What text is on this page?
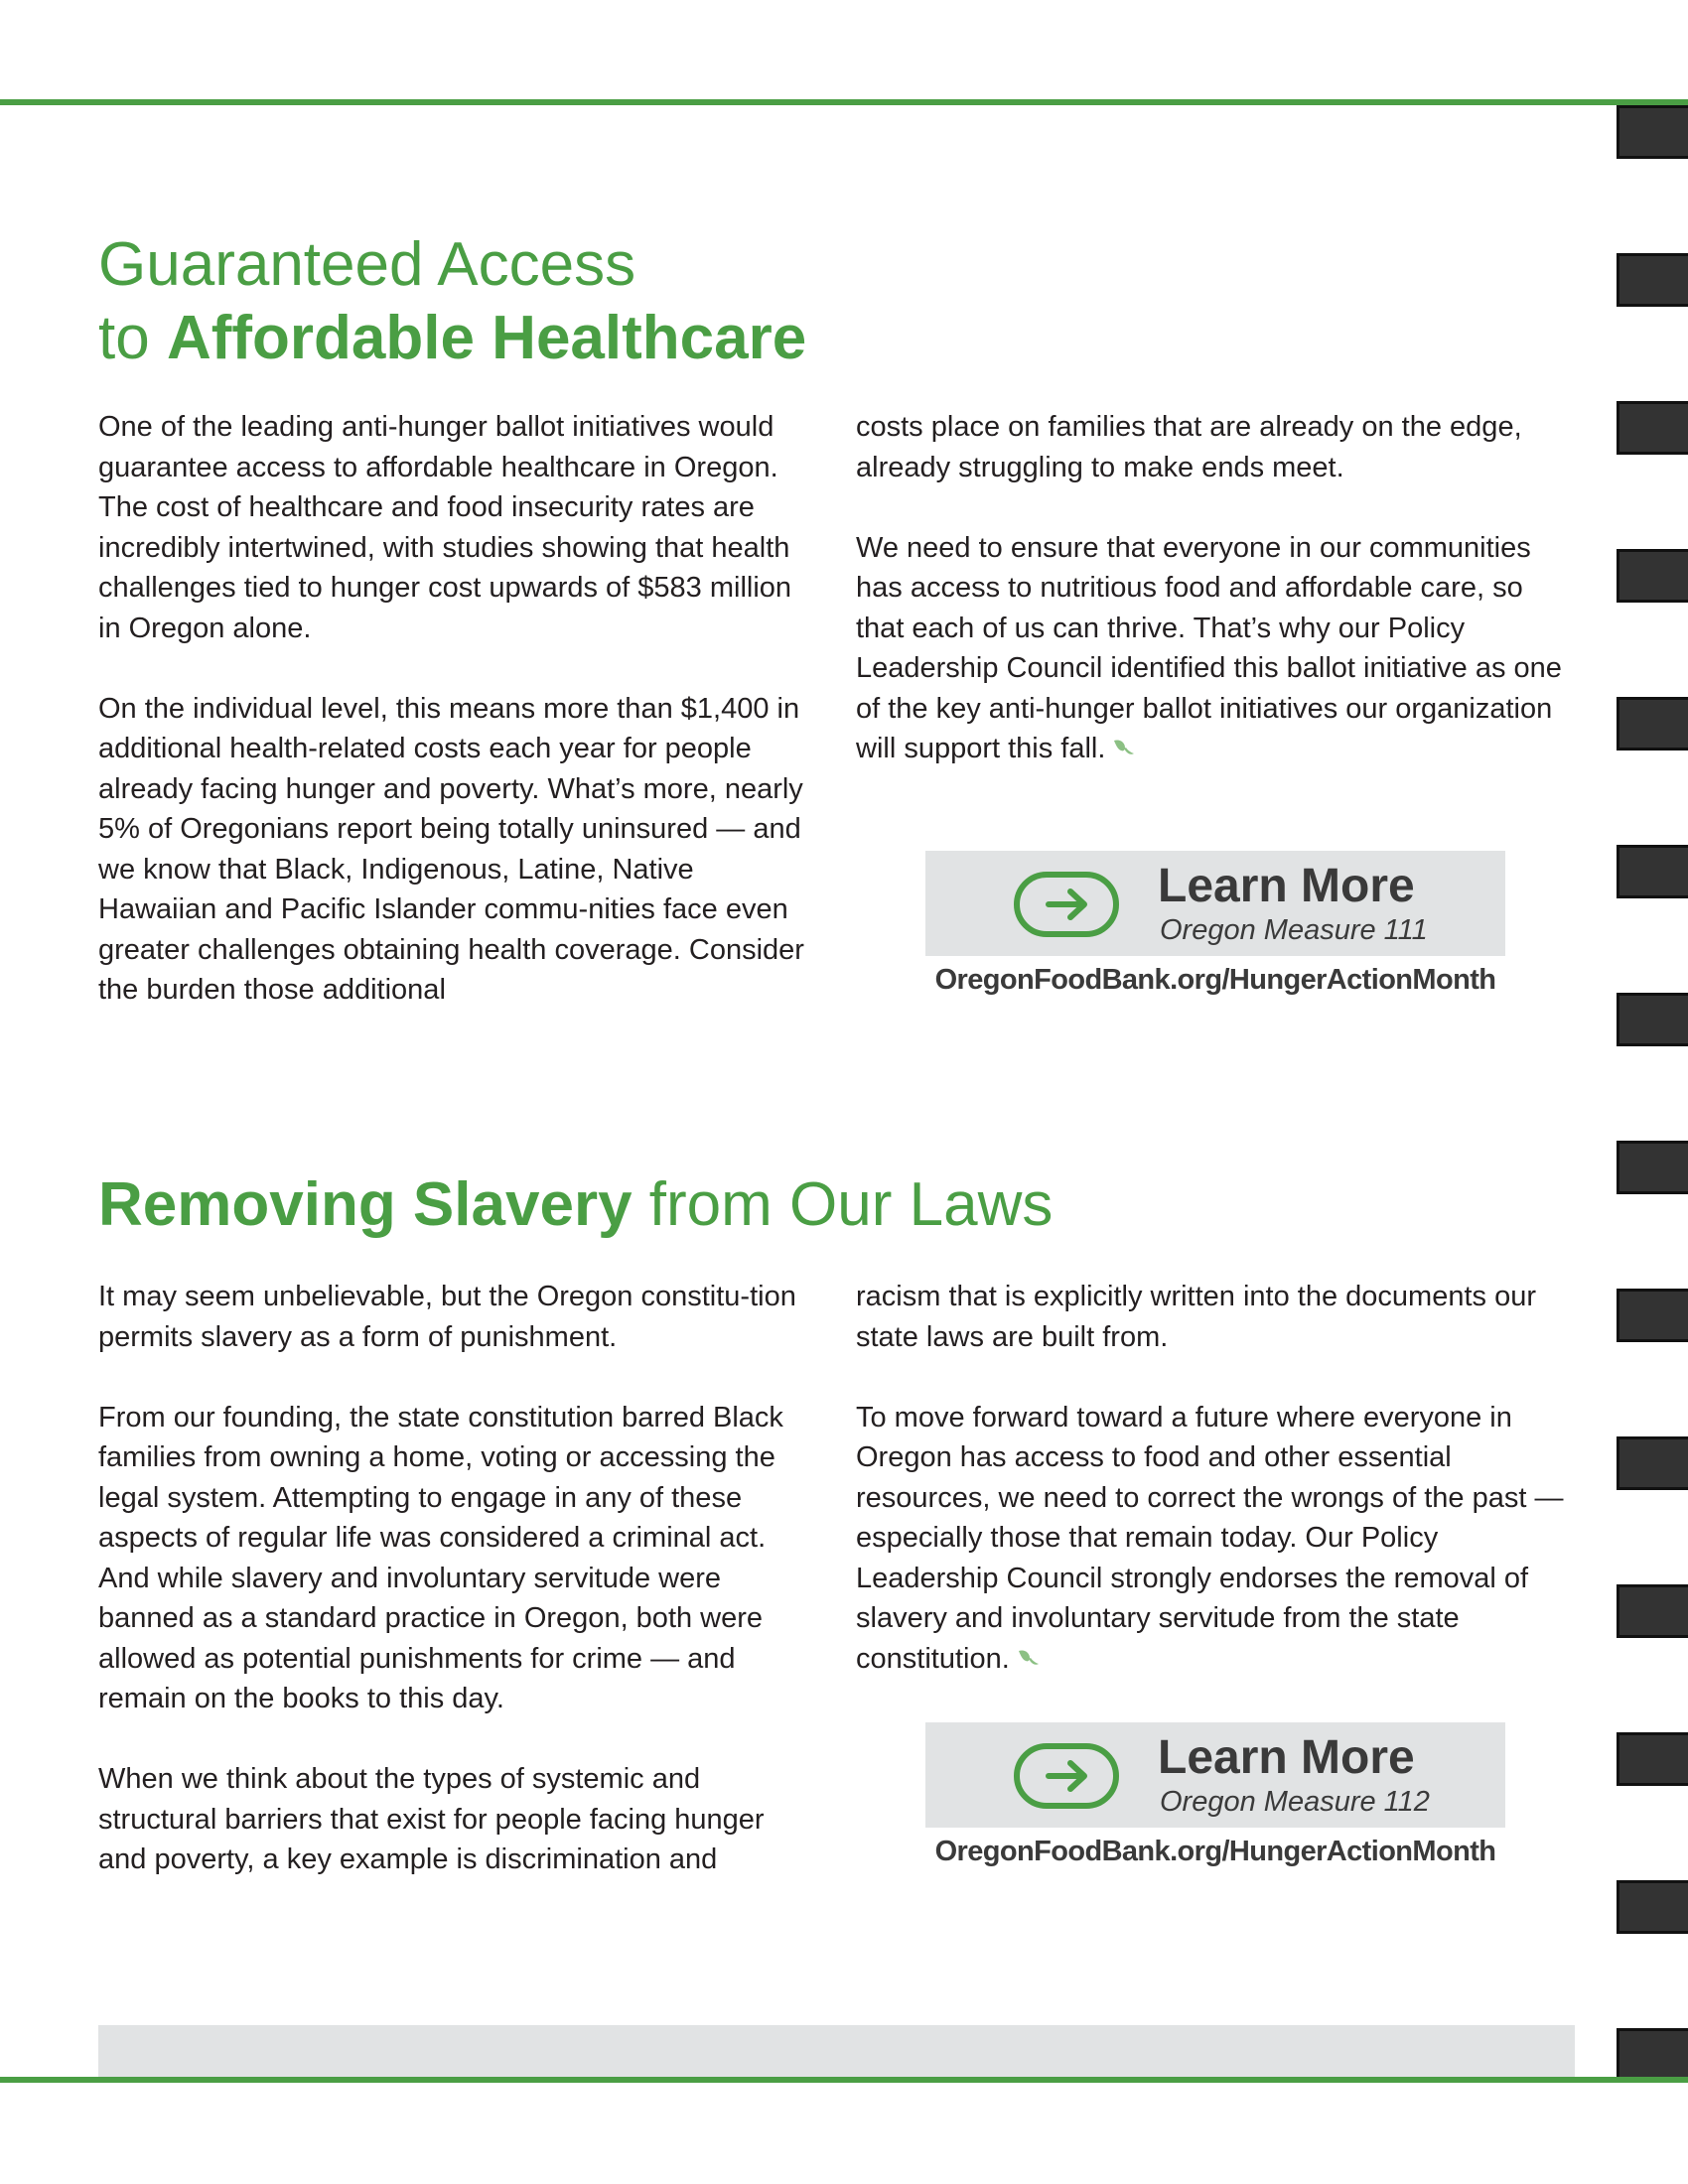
Guaranteed Access
to Affordable Healthcare

One of the leading anti-hunger ballot initiatives would guarantee access to affordable healthcare in Oregon. The cost of healthcare and food insecurity rates are incredibly intertwined, with studies showing that health challenges tied to hunger cost upwards of $583 million in Oregon alone.

On the individual level, this means more than $1,400 in additional health-related costs each year for people already facing hunger and poverty. What’s more, nearly 5% of Oregonians report being totally uninsured — and we know that Black, Indigenous, Latine, Native Hawaiian and Pacific Islander commu-nities face even greater challenges obtaining health coverage. Consider the burden those additional

costs place on families that are already on the edge, already struggling to make ends meet.

We need to ensure that everyone in our communities has access to nutritious food and affordable care, so that each of us can thrive. That’s why our Policy Leadership Council identified this ballot initiative as one of the key anti-hunger ballot initiatives our organization will support this fall.

Learn More
Oregon Measure 111
OregonFoodBank.org/HungerActionMonth
Removing Slavery from Our Laws

It may seem unbelievable, but the Oregon constitu-tion permits slavery as a form of punishment.

From our founding, the state constitution barred Black families from owning a home, voting or accessing the legal system. Attempting to engage in any of these aspects of regular life was considered a criminal act. And while slavery and involuntary servitude were banned as a standard practice in Oregon, both were allowed as potential punishments for crime — and remain on the books to this day.

When we think about the types of systemic and structural barriers that exist for people facing hunger and poverty, a key example is discrimination and

racism that is explicitly written into the documents our state laws are built from.

To move forward toward a future where everyone in Oregon has access to food and other essential resources, we need to correct the wrongs of the past — especially those that remain today. Our Policy Leadership Council strongly endorses the removal of slavery and involuntary servitude from the state constitution.

Learn More
Oregon Measure 112
OregonFoodBank.org/HungerActionMonth
